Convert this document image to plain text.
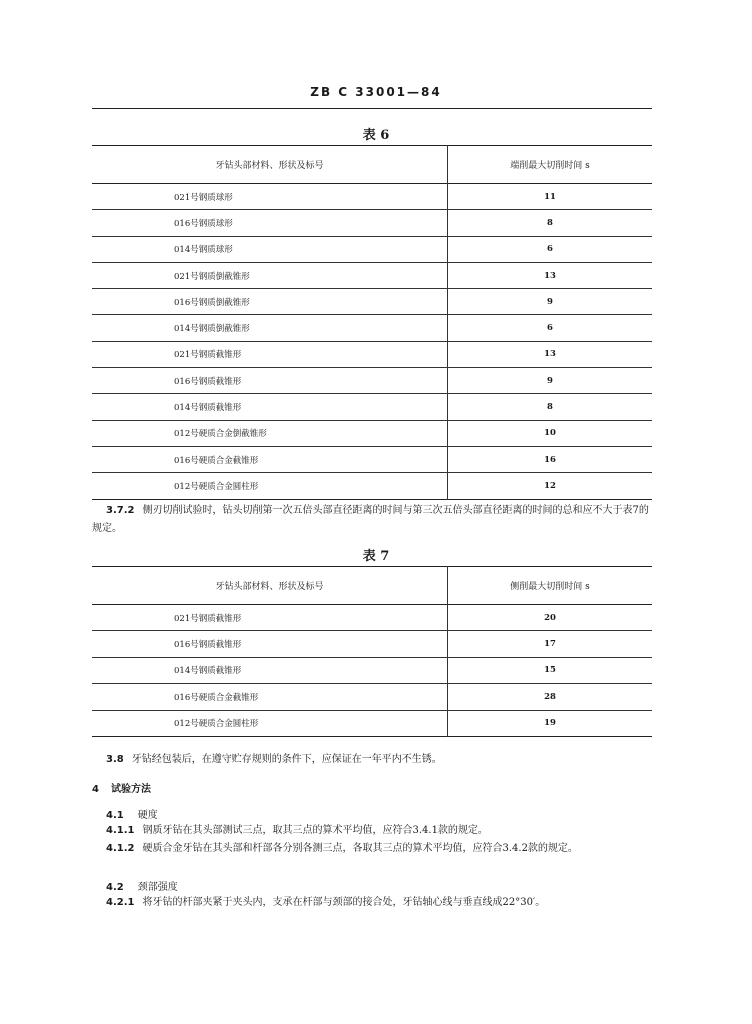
ZB C 33001—84
表 6
牙钻头部材料、形状及标号	端削最大切削时间 s
021号钢质球形	11
016号钢质球形	8
014号钢质球形	6
021号钢质倒截锥形	13
016号钢质倒截锥形	9
014号钢质倒截锥形	6
021号钢质截锥形	13
016号钢质截锥形	9
014号钢质截锥形	8
012号硬质合金倒截锥形	10
016号硬质合金截锥形	16
012号硬质合金圆柱形	12

3.7.2 侧刃切削试验时，钻头切削第一次五倍头部直径距离的时间与第三次五倍头部直径距离的时间的总和应不大于表7的规定。

表 7
牙钻头部材料、形状及标号	侧削最大切削时间 s
021号钢质截锥形	20
016号钢质截锥形	17
014号钢质截锥形	15
016号硬质合金截锥形	28
012号硬质合金圆柱形	19

3.8 牙钻经包装后，在遵守贮存规则的条件下，应保证在一年平内不生锈。

4 试验方法
4.1 硬度

4.1.1 钢质牙钻在其头部测试三点，取其三点的算术平均值，应符合3.4.1款的规定。

4.1.2 硬质合金牙钻在其头部和杆部各分别各测三点，各取其三点的算术平均值，应符合3.4.2款的规定。

4.2 颈部强度

4.2.1 将牙钻的杆部夹紧于夹头内，支承在杆部与颈部的接合处，牙钻轴心线与垂直线成22°30′。
